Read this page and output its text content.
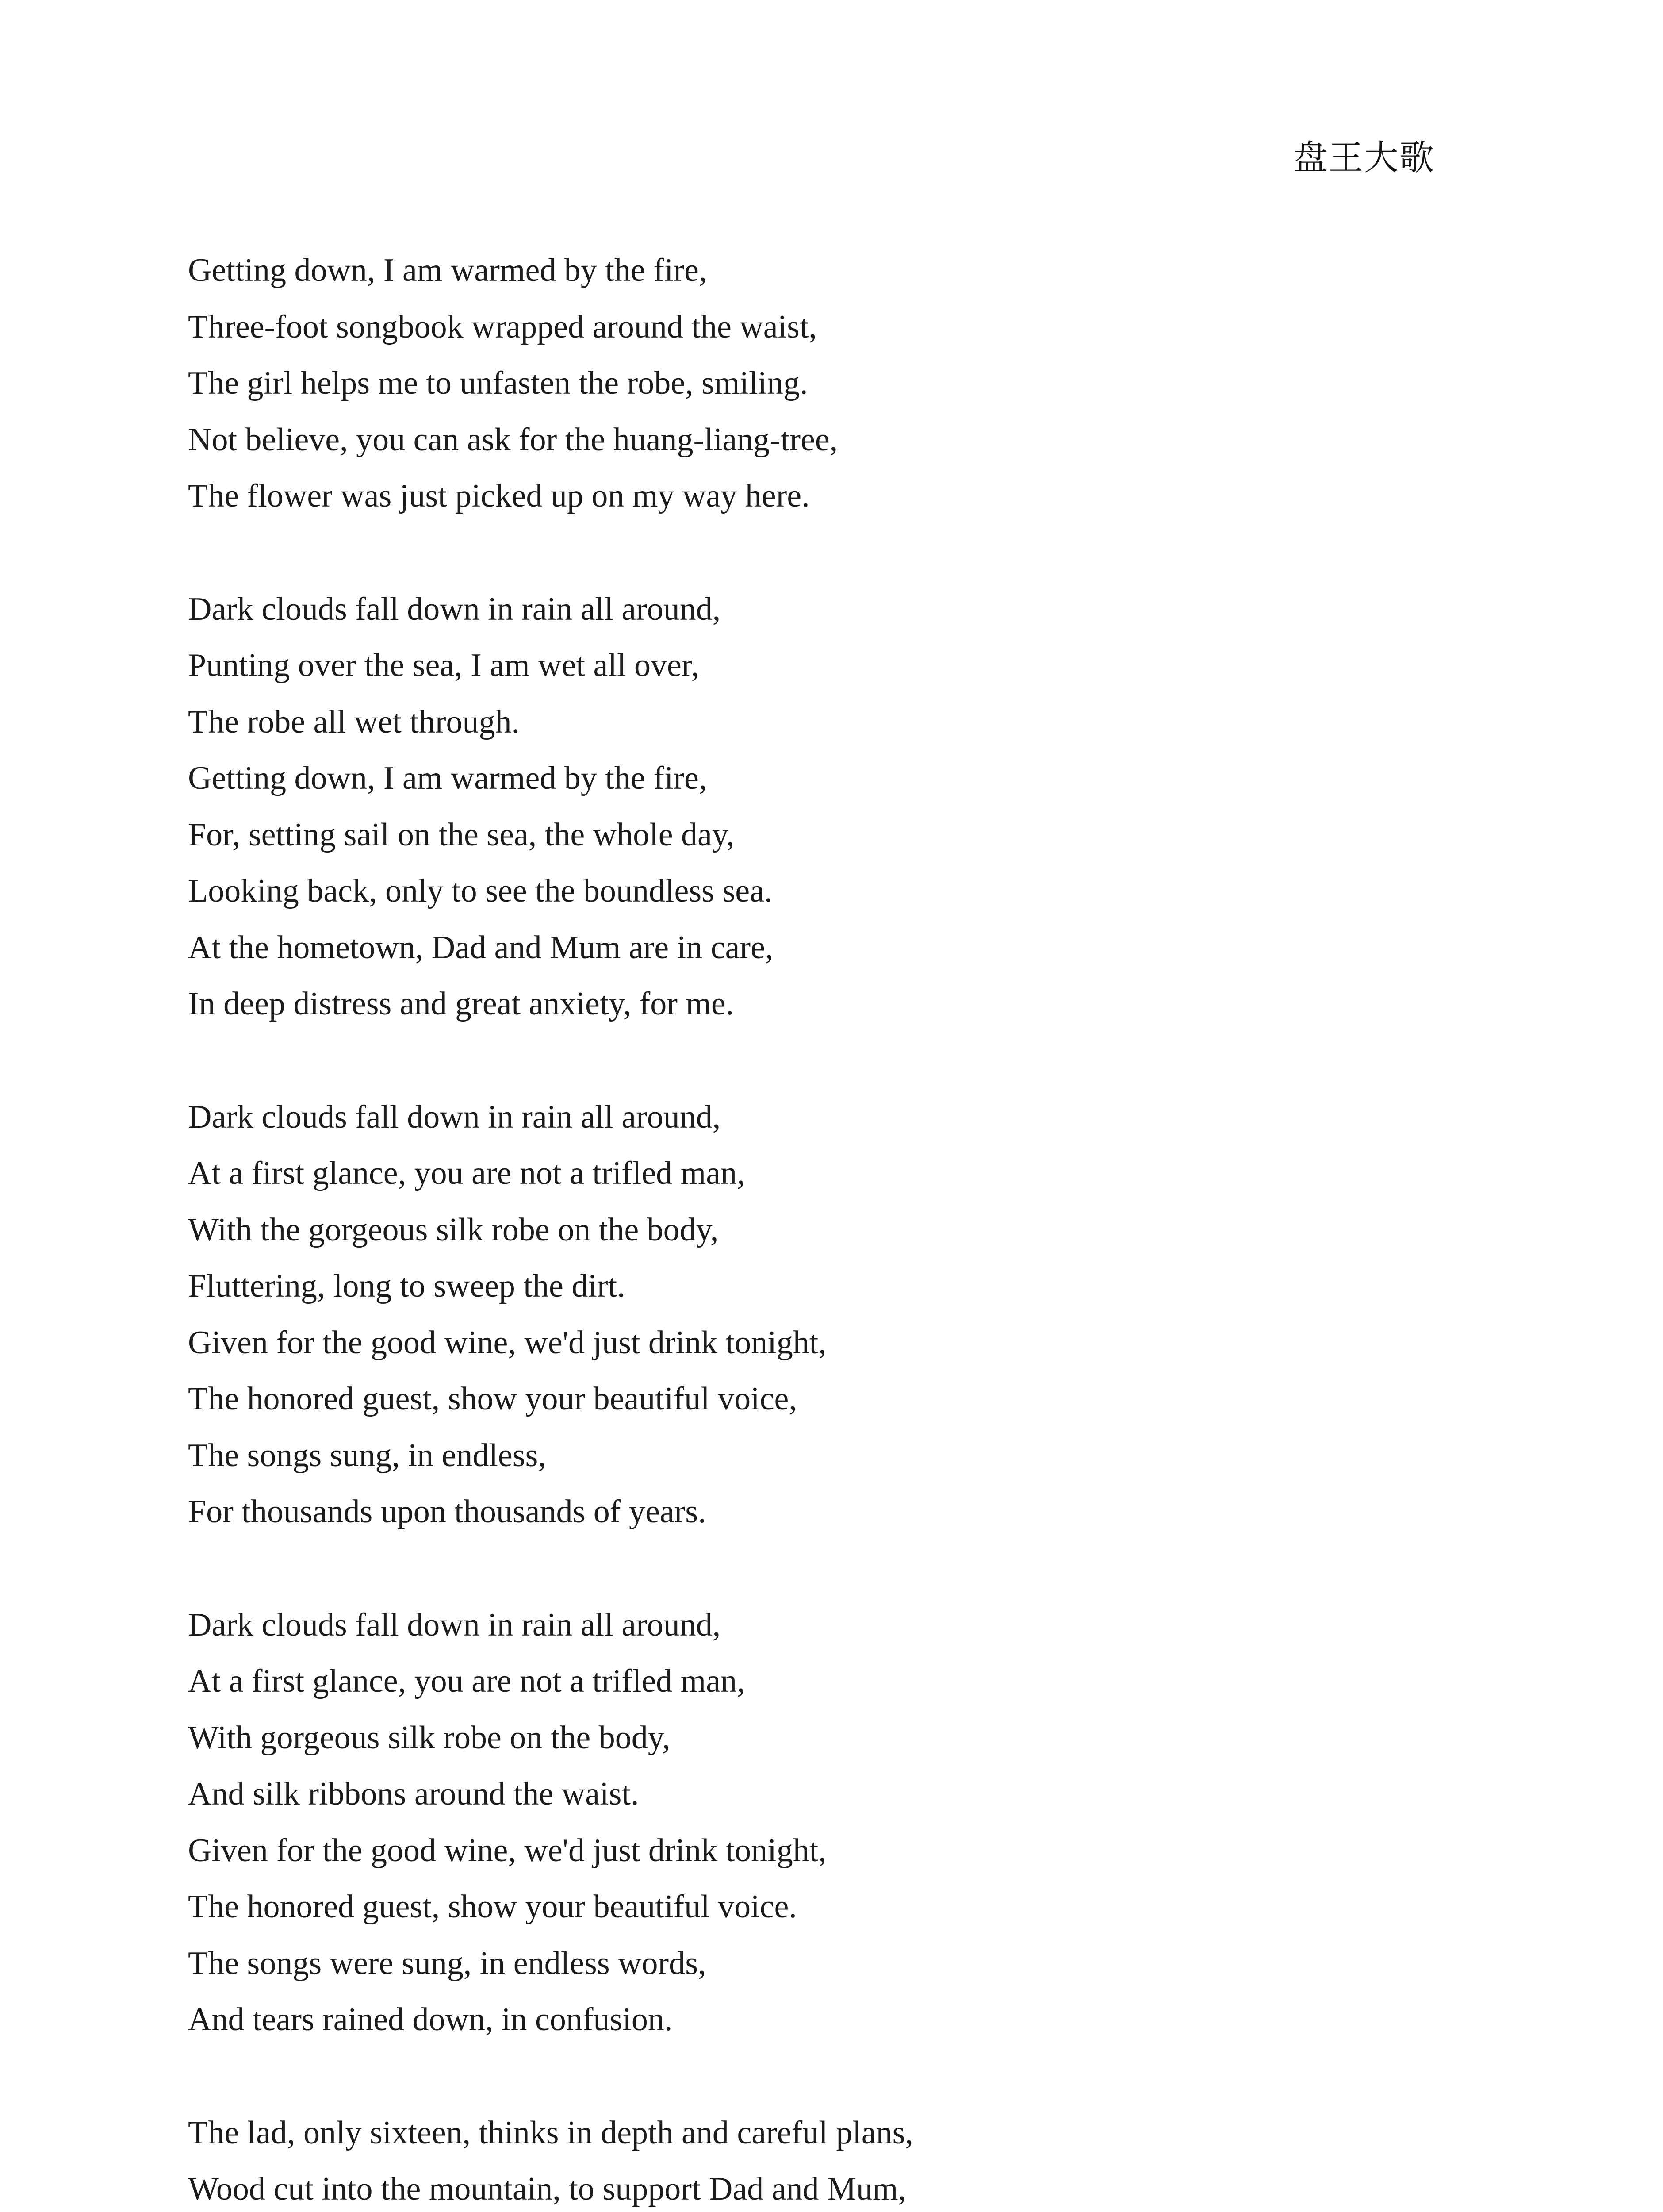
盘王大歌
Getting down, I am warmed by the fire,
Three-foot songbook wrapped around the waist,
The girl helps me to unfasten the robe, smiling.
Not believe, you can ask for the huang-liang-tree,
The flower was just picked up on my way here.
Dark clouds fall down in rain all around,
Punting over the sea, I am wet all over,
The robe all wet through.
Getting down, I am warmed by the fire,
For, setting sail on the sea, the whole day,
Looking back, only to see the boundless sea.
At the hometown, Dad and Mum are in care,
In deep distress and great anxiety, for me.
Dark clouds fall down in rain all around,
At a first glance, you are not a trifled man,
With the gorgeous silk robe on the body,
Fluttering, long to sweep the dirt.
Given for the good wine, we'd just drink tonight,
The honored guest, show your beautiful voice,
The songs sung, in endless,
For thousands upon thousands of years.
Dark clouds fall down in rain all around,
At a first glance, you are not a trifled man,
With gorgeous silk robe on the body,
And silk ribbons around the waist.
Given for the good wine, we'd just drink tonight,
The honored guest, show your beautiful voice.
The songs were sung, in endless words,
And tears rained down, in confusion.
The lad, only sixteen, thinks in depth and careful plans,
Wood cut into the mountain, to support Dad and Mum,
